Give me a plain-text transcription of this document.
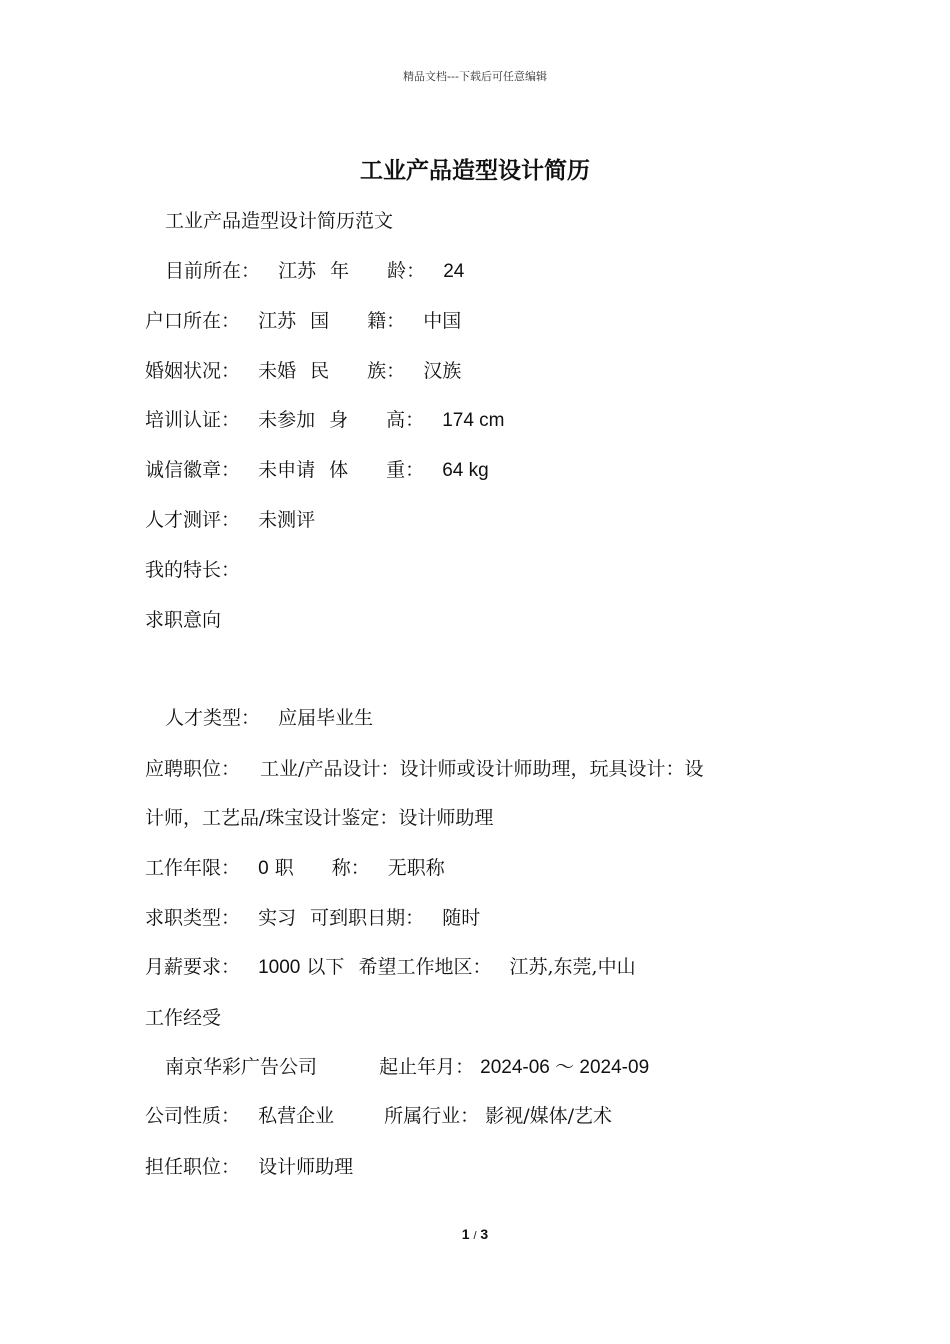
精品文档---下载后可任意编辑
工业产品造型设计简历
工业产品造型设计简历范文
目前所在： 江苏 年　　龄： 24
户口所在： 江苏 国　　籍： 中国
婚姻状况： 未婚 民　　族： 汉族
培训认证： 未参加 身　　高： 174 cm
诚信徽章： 未申请 体　　重： 64 kg
人才测评： 未测评
我的特长：
求职意向
人才类型： 应届毕业生
应聘职位： 工业/产品设计：设计师或设计师助理，玩具设计：设
计师，工艺品/珠宝设计鉴定：设计师助理
工作年限： 0 职　　称： 无职称
求职类型： 实习 可到职日期： 随时
月薪要求： 1000 以下 希望工作地区： 江苏,东莞,中山
工作经受
南京华彩广告公司	起止年月： 2024-06 ～ 2024-09
公司性质： 私营企业	所属行业： 影视/媒体/艺术
担任职位： 设计师助理
1 / 3
